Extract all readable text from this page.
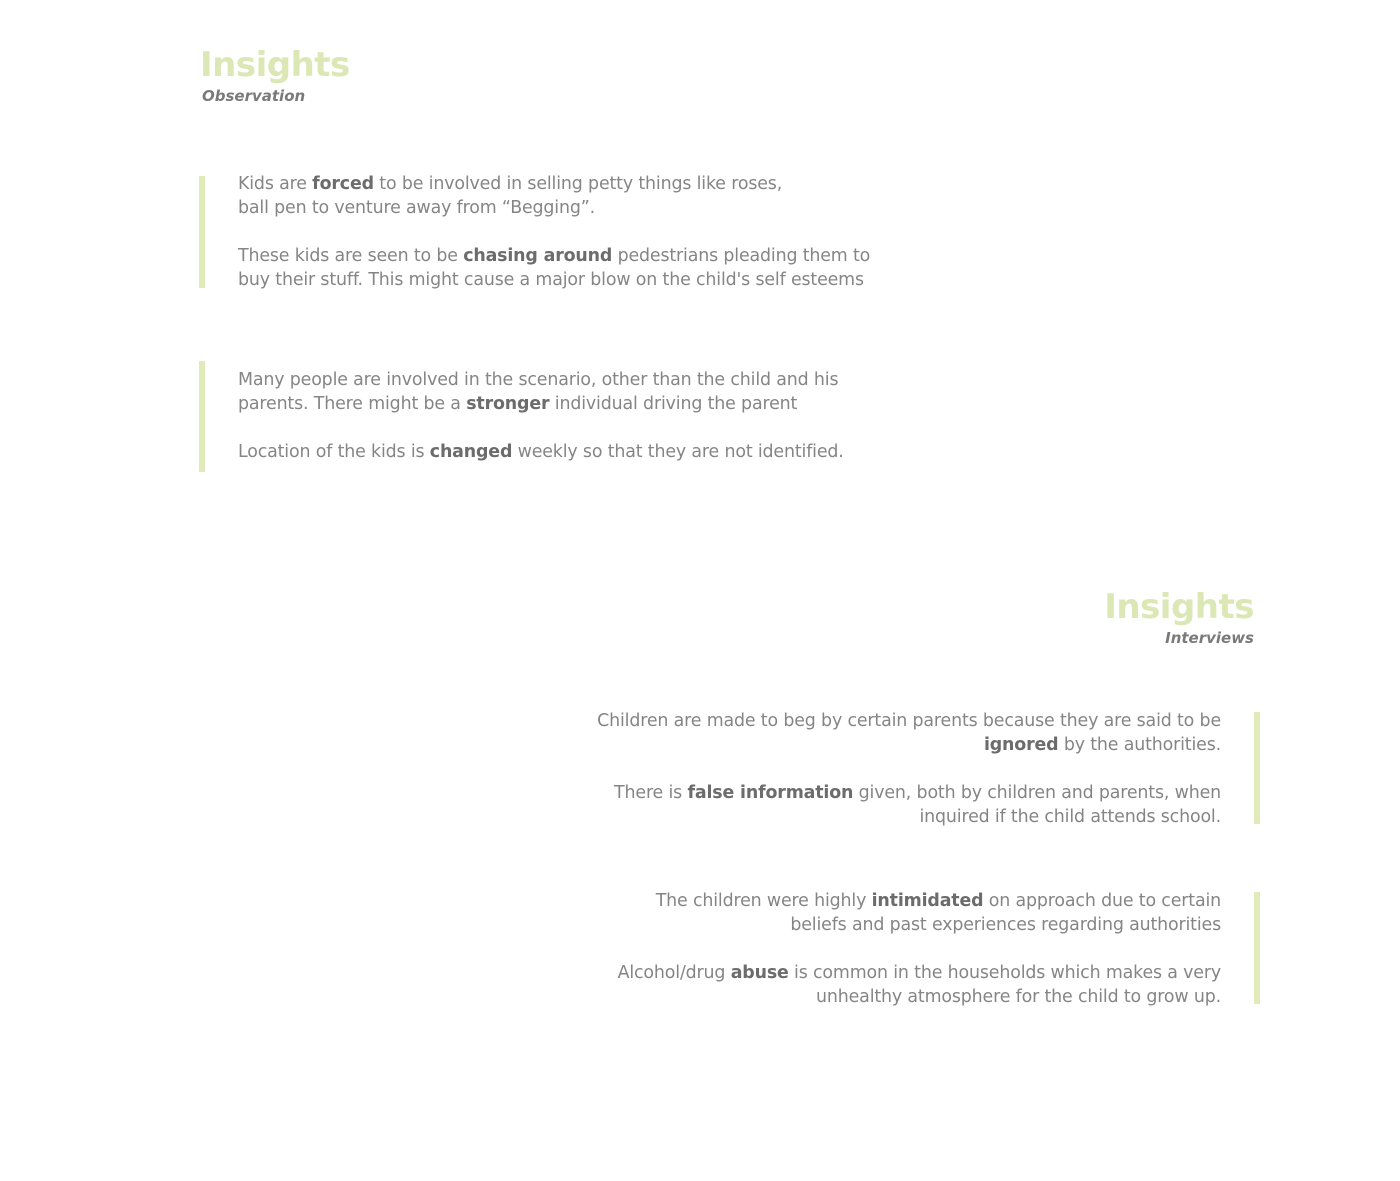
Insights
Observation

Kids are forced to be involved in selling petty things like roses,
ball pen to venture away from “Begging”.

These kids are seen to be chasing around pedestrians pleading them to
buy their stuff. This might cause a major blow on the child's self esteems

Many people are involved in the scenario, other than the child and his
parents. There might be a stronger individual driving the parent

Location of the kids is changed weekly so that they are not identified.

Insights
Interviews

Children are made to beg by certain parents because they are said to be
ignored by the authorities.

There is false information given, both by children and parents, when
inquired if the child attends school.

The children were highly intimidated on approach due to certain
beliefs and past experiences regarding authorities

Alcohol/drug abuse is common in the households which makes a very
unhealthy atmosphere for the child to grow up.
